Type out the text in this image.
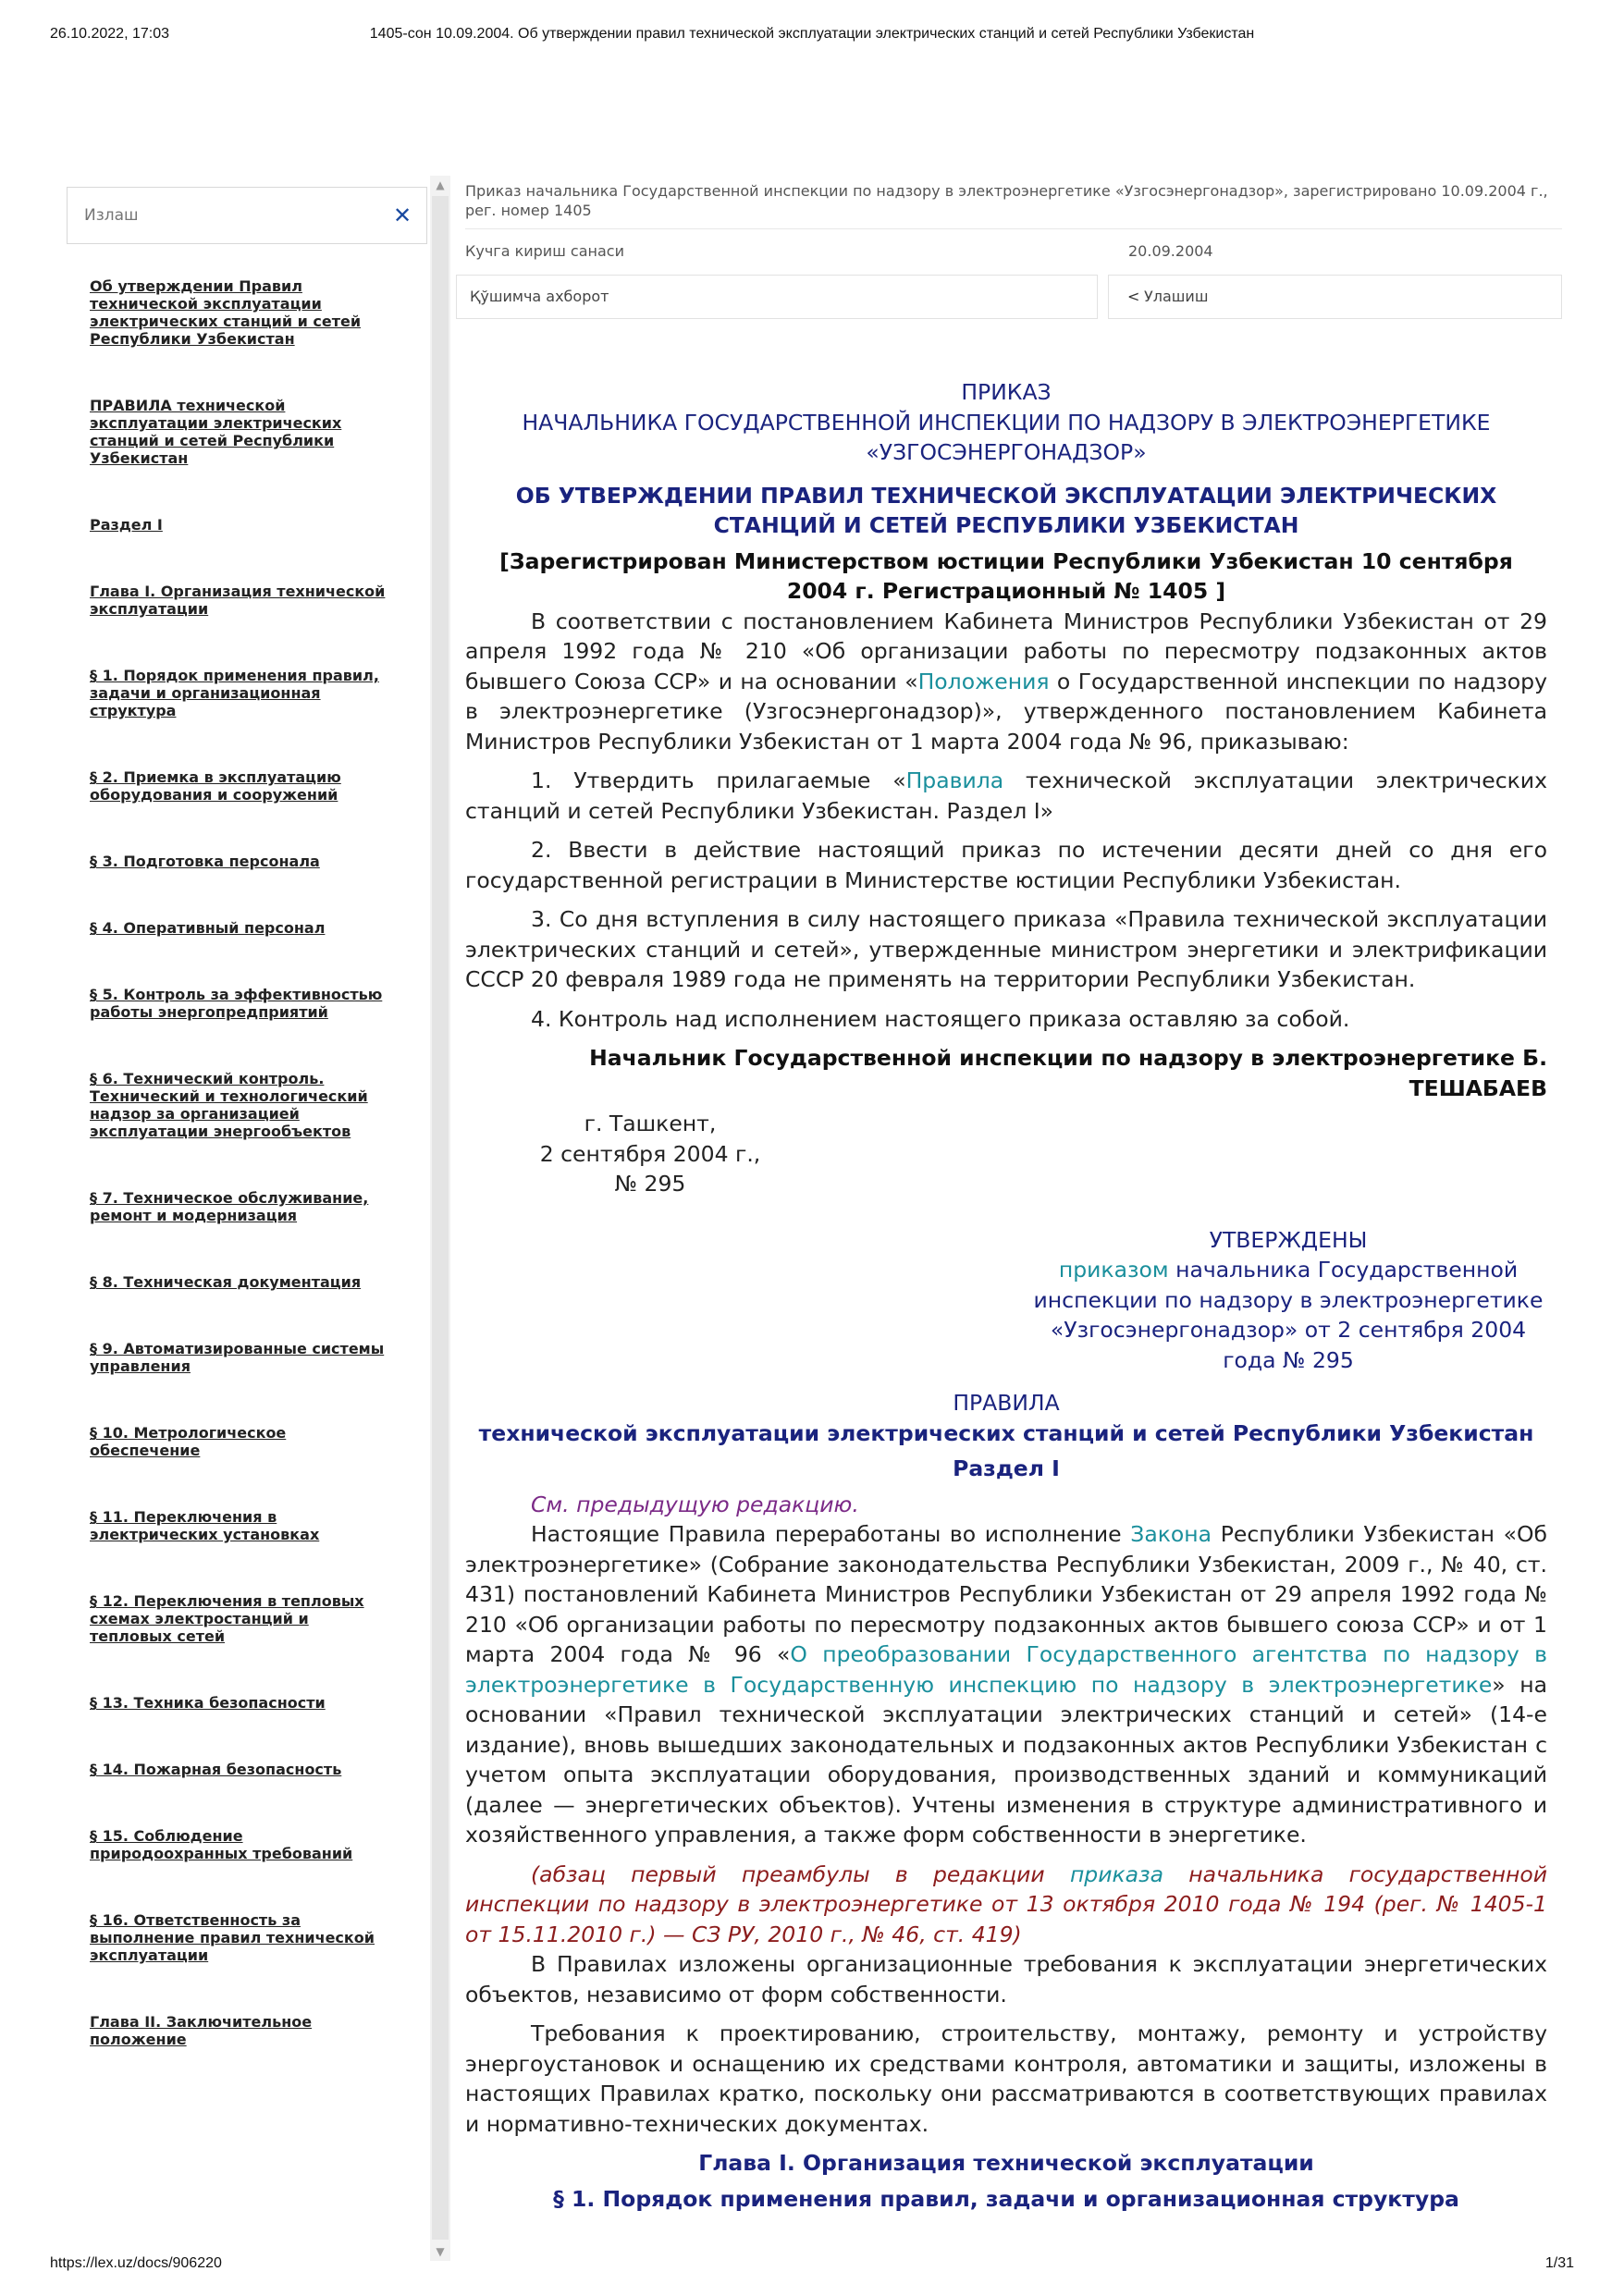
26.10.2022, 17:03	1405-сон 10.09.2004. Об утверждении правил технической эксплуатации электрических станций и сетей Республики Узбекистан
Излаш
✕
Об утверждении Правил технической эксплуатации электрических станций и сетей Республики Узбекистан
ПРАВИЛА технической эксплуатации электрических станций и сетей Республики Узбекистан
Раздел I
Глава I. Организация технической эксплуатации
§ 1. Порядок применения правил, задачи и организационная структура
§ 2. Приемка в эксплуатацию оборудования и сооружений
§ 3. Подготовка персонала
§ 4. Оперативный персонал
§ 5. Контроль за эффективностью работы энергопредприятий
§ 6. Технический контроль. Технический и технологический надзор за организацией эксплуатации энергообъектов
§ 7. Техническое обслуживание, ремонт и модернизация
§ 8. Техническая документация
§ 9. Автоматизированные системы управления
§ 10. Метрологическое обеспечение
§ 11. Переключения в электрических установках
§ 12. Переключения в тепловых схемах электростанций и тепловых сетей
§ 13. Техника безопасности
§ 14. Пожарная безопасность
§ 15. Соблюдение природоохранных требований
§ 16. Ответственность за выполнение правил технической эксплуатации
Глава II. Заключительное положение
▲
▼
Приказ начальника Государственной инспекции по надзору в электроэнергетике «Узгосэнергонадзор», зарегистрировано 10.09.2004 г., рег. номер 1405
Кучга кириш санаси	20.09.2004
Қўшимча ахборот	< Улашиш

ПРИКАЗ

НАЧАЛЬНИКА ГОСУДАРСТВЕННОЙ ИНСПЕКЦИИ ПО НАДЗОРУ В ЭЛЕКТРОЭНЕРГЕТИКЕ «УЗГОСЭНЕРГОНАДЗОР»

ОБ УТВЕРЖДЕНИИ ПРАВИЛ ТЕХНИЧЕСКОЙ ЭКСПЛУАТАЦИИ ЭЛЕКТРИЧЕСКИХ СТАНЦИЙ И СЕТЕЙ РЕСПУБЛИКИ УЗБЕКИСТАН

[Зарегистрирован Министерством юстиции Республики Узбекистан 10 сентября 2004 г. Регистрационный № 1405 ]

В соответствии с постановлением Кабинета Министров Республики Узбекистан от 29 апреля 1992 года № 210 «Об организации работы по пересмотру подзаконных актов бывшего Союза ССР» и на основании «Положения о Государственной инспекции по надзору в электроэнергетике (Узгосэнергонадзор)», утвержденного постановлением Кабинета Министров Республики Узбекистан от 1 марта 2004 года № 96, приказываю:

1. Утвердить прилагаемые «Правила технической эксплуатации электрических станций и сетей Республики Узбекистан. Раздел I»

2. Ввести в действие настоящий приказ по истечении десяти дней со дня его государственной регистрации в Министерстве юстиции Республики Узбекистан.

3. Со дня вступления в силу настоящего приказа «Правила технической эксплуатации электрических станций и сетей», утвержденные министром энергетики и электрификации СССР 20 февраля 1989 года не применять на территории Республики Узбекистан.

4. Контроль над исполнением настоящего приказа оставляю за собой.

Начальник Государственной инспекции по надзору в электроэнергетике Б. ТЕШАБАЕВ

г. Ташкент,

2 сентября 2004 г.,

№ 295

УТВЕРЖДЕНЫ

приказом начальника Государственной инспекции по надзору в электроэнергетике «Узгосэнергонадзор» от 2 сентября 2004 года № 295

ПРАВИЛА

технической эксплуатации электрических станций и сетей Республики Узбекистан

Раздел I

См. предыдущую редакцию.

Настоящие Правила переработаны во исполнение Закона Республики Узбекистан «Об электроэнергетике» (Собрание законодательства Республики Узбекистан, 2009 г., № 40, ст. 431) постановлений Кабинета Министров Республики Узбекистан от 29 апреля 1992 года № 210 «Об организации работы по пересмотру подзаконных актов бывшего союза ССР» и от 1 марта 2004 года № 96 «О преобразовании Государственного агентства по надзору в электроэнергетике в Государственную инспекцию по надзору в электроэнергетике» на основании «Правил технической эксплуатации электрических станций и сетей» (14-е издание), вновь вышедших законодательных и подзаконных актов Республики Узбекистан с учетом опыта эксплуатации оборудования, производственных зданий и коммуникаций (далее — энергетических объектов). Учтены изменения в структуре административного и хозяйственного управления, а также форм собственности в энергетике.

(абзац первый преамбулы в редакции приказа начальника государственной инспекции по надзору в электроэнергетике от 13 октября 2010 года № 194 (рег. № 1405-1 от 15.11.2010 г.) — СЗ РУ, 2010 г., № 46, ст. 419)

В Правилах изложены организационные требования к эксплуатации энергетических объектов, независимо от форм собственности.

Требования к проектированию, строительству, монтажу, ремонту и устройству энергоустановок и оснащению их средствами контроля, автоматики и защиты, изложены в настоящих Правилах кратко, поскольку они рассматриваются в соответствующих правилах и нормативно-технических документах.

Глава I. Организация технической эксплуатации

§ 1. Порядок применения правил, задачи и организационная структура

https://lex.uz/docs/906220	1/31
